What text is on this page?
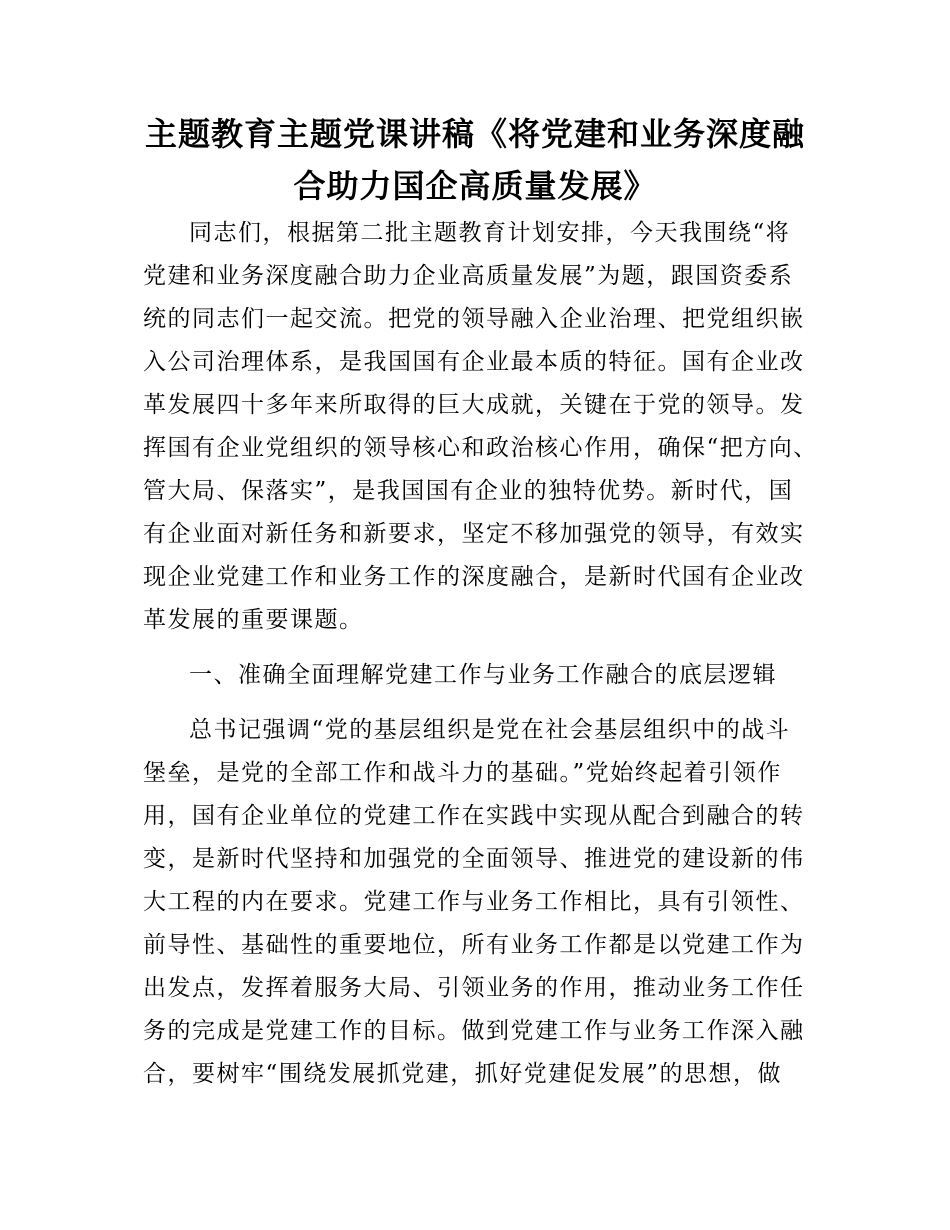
主题教育主题党课讲稿《将党建和业务深度融
合助力国企高质量发展》

同志们，根据第二批主题教育计划安排，今天我围绕“将
党建和业务深度融合助力企业高质量发展”为题，跟国资委系
统的同志们一起交流。把党的领导融入企业治理、把党组织嵌
入公司治理体系，是我国国有企业最本质的特征。国有企业改
革发展四十多年来所取得的巨大成就，关键在于党的领导。发
挥国有企业党组织的领导核心和政治核心作用，确保“把方向、
管大局、保落实”，是我国国有企业的独特优势。新时代，国
有企业面对新任务和新要求，坚定不移加强党的领导，有效实
现企业党建工作和业务工作的深度融合，是新时代国有企业改
革发展的重要课题。

一、准确全面理解党建工作与业务工作融合的底层逻辑

总书记强调“党的基层组织是党在社会基层组织中的战斗
堡垒，是党的全部工作和战斗力的基础。”党始终起着引领作
用，国有企业单位的党建工作在实践中实现从配合到融合的转
变，是新时代坚持和加强党的全面领导、推进党的建设新的伟
大工程的内在要求。党建工作与业务工作相比，具有引领性、
前导性、基础性的重要地位，所有业务工作都是以党建工作为
出发点，发挥着服务大局、引领业务的作用，推动业务工作任
务的完成是党建工作的目标。做到党建工作与业务工作深入融
合，要树牢“围绕发展抓党建，抓好党建促发展”的思想，做
